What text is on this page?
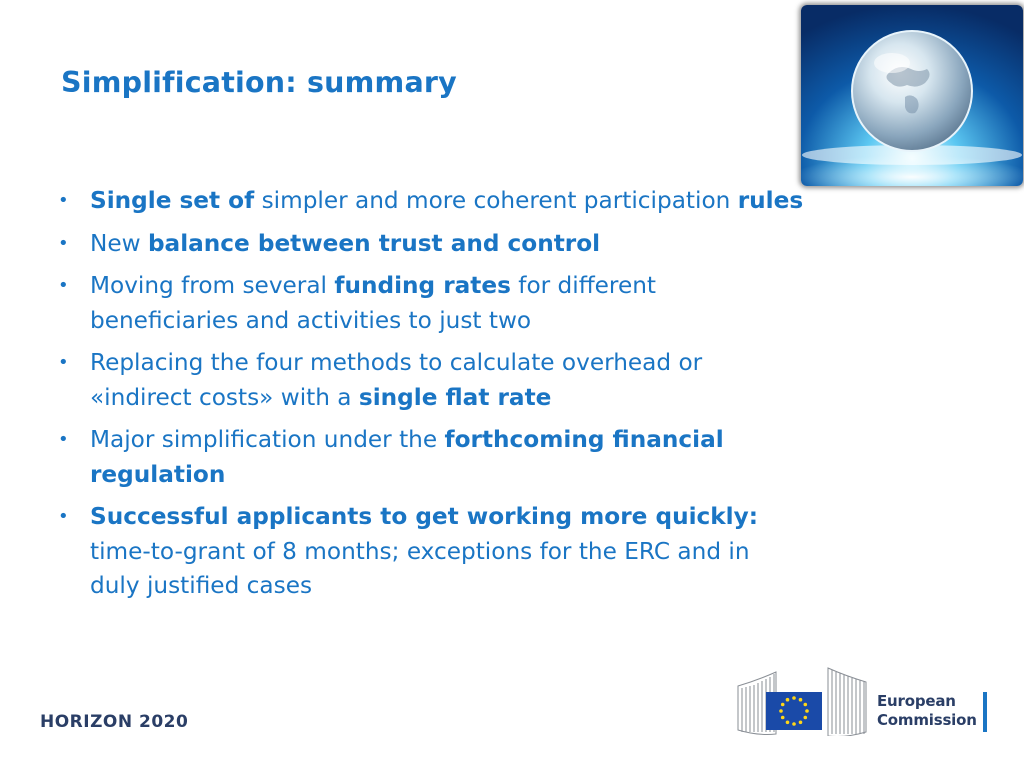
Simplification: summary
• Single set of simpler and more coherent participation rules
• New balance between trust and control
• Moving from several funding rates for different
beneficiaries and activities to just two
• Replacing the four methods to calculate overhead or
«indirect costs» with a single flat rate
• Major simplification under the forthcoming financial
regulation
• Successful applicants to get working more quickly:
time-to-grant of 8 months; exceptions for the ERC and in
duly justified cases
HORIZON 2020
European
Commission
